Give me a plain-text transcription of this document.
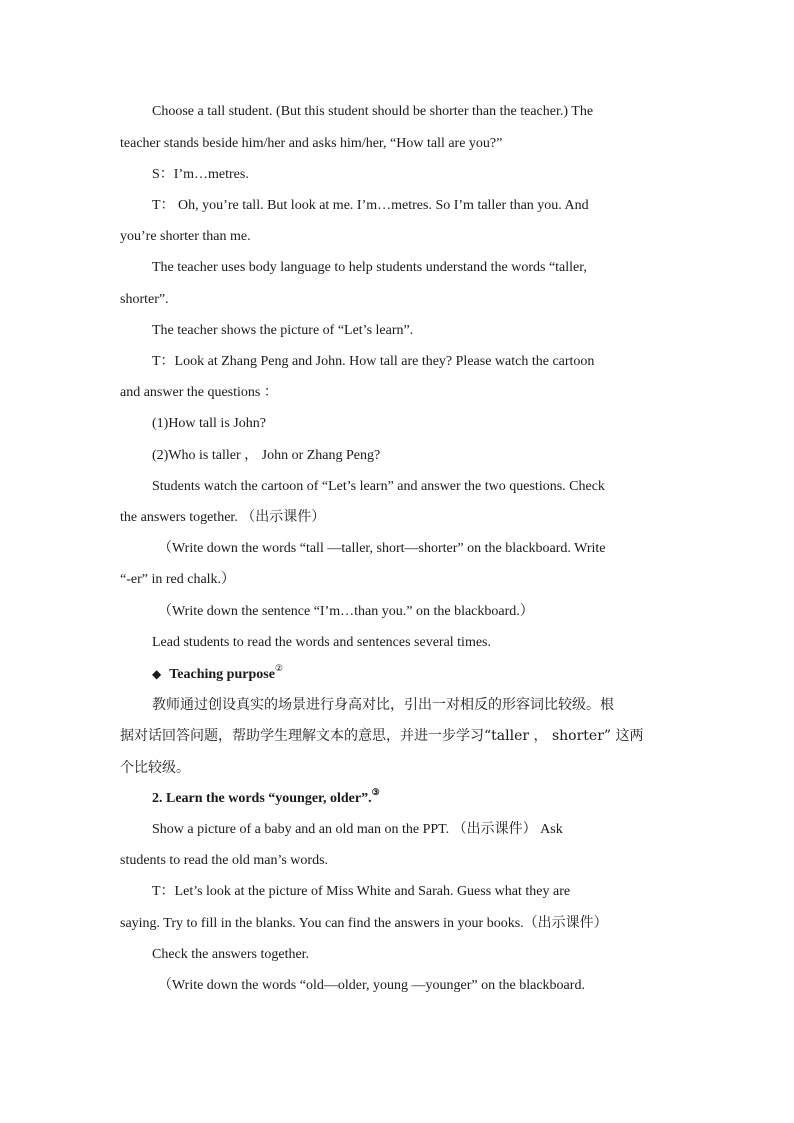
Choose a tall student. (But this student should be shorter than the teacher.) The
teacher stands beside him/her and asks him/her, “How tall are you?”
S：I’m…metres.
T： Oh, you’re tall. But look at me. I’m…metres. So I’m taller than you. And
you’re shorter than me.
The teacher uses body language to help students understand the words “taller,
shorter”.
The teacher shows the picture of “Let’s learn”.
T：Look at Zhang Peng and John. How tall are they? Please watch the cartoon
and answer the questions ：
(1)How tall is John?
(2)Who is taller ， John or Zhang Peng?
Students watch the cartoon of “Let’s learn” and answer the two questions. Check
the answers together. （出示课件）
（Write down the words “tall —taller, short—shorter” on the blackboard. Write
“-er” in red chalk.）
（Write down the sentence “I’m…than you.” on the blackboard.）
Lead students to read the words and sentences several times.
◆ Teaching purpose②
教师通过创设真实的场景进行身高对比，引出一对相反的形容词比较级。根
据对话回答问题，帮助学生理解文本的意思，并进一步学习“taller ， shorter” 这两
个比较级。
2. Learn the words “younger, older”.③
Show a picture of a baby and an old man on the PPT. （出示课件） Ask
students to read the old man’s words.
T：Let’s look at the picture of Miss White and Sarah. Guess what they are
saying. Try to fill in the blanks. You can find the answers in your books.（出示课件）
Check the answers together.
（Write down the words “old—older, young —younger” on the blackboard.
